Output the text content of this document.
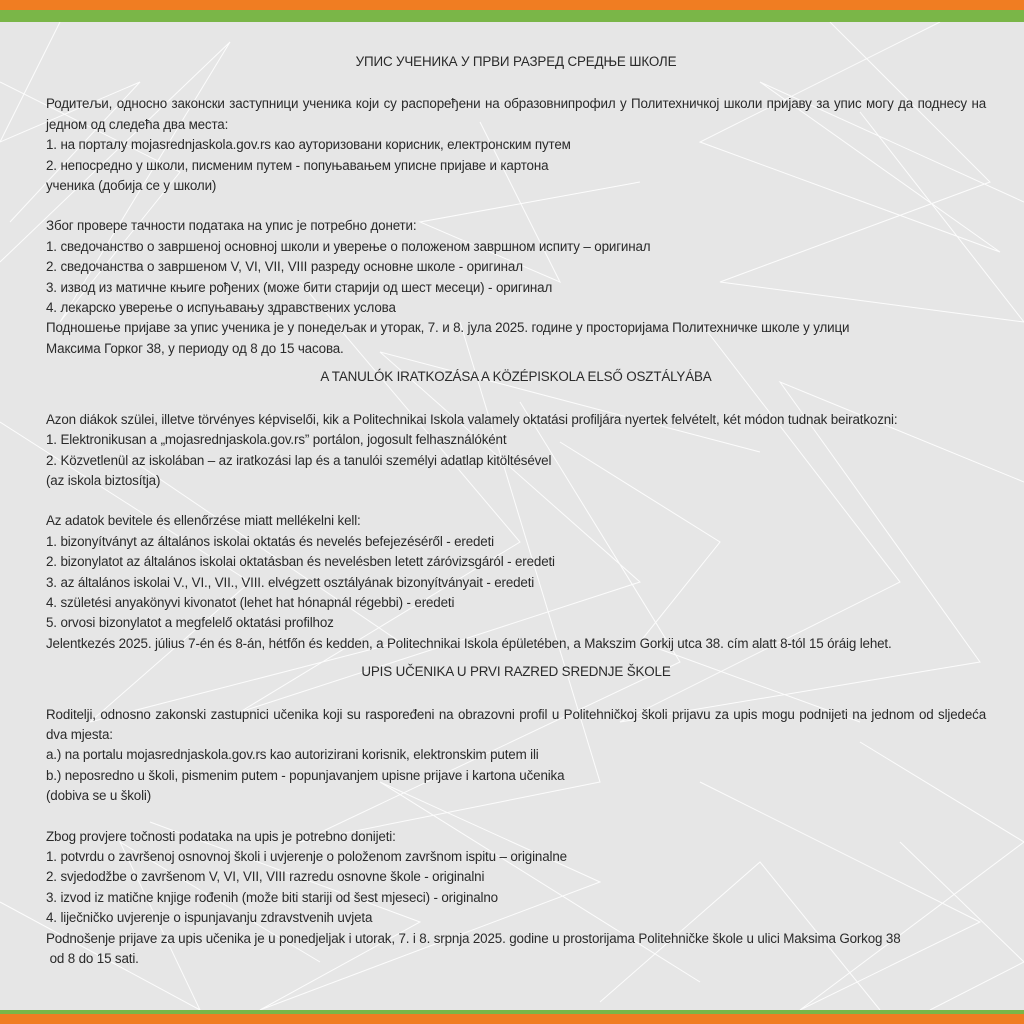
УПИС УЧЕНИКА У ПРВИ РАЗРЕД СРЕДЊЕ ШКОЛЕ

Родитељи, односно законски заступници ученика који су распоређени на образовнипрофил у Политехничкој школи пријаву за упис могу да поднесу на једном од следећа два места:

1. на порталу mojasrednjaskola.gov.rs као ауторизовани корисник, електронским путем
2. непосредно у школи, писменим путем - попуњавањем уписне пријаве и картона
ученика (добија се у школи)
Због провере тачности података на упис је потребно донети:
1. сведочанство о завршеној основној школи и уверење о положеном завршном испиту – оригинал
2. сведочанства о завршеном V, VI, VII, VIII разреду основне школе - оригинал
3. извод из матичне књиге рођених (може бити старији од шест месеци) - оригинал
4. лекарско уверење о испуњавању здравствених услова
Подношење пријаве за упис ученика је у понедељак и уторак, 7. и 8. јула 2025. године у просторијама Политехничке школе у улици
Максима Горког 38, у периоду од 8 до 15 часова.
A TANULÓK IRATKOZÁSA A KÖZÉPISKOLA ELSŐ OSZTÁLYÁBA
Azon diákok szülei, illetve törvényes képviselői, kik a Politechnikai Iskola valamely oktatási profiljára nyertek felvételt, két módon tudnak beiratkozni:
1. Elektronikusan a „mojasrednjaskola.gov.rs” portálon, jogosult felhasználóként
2. Közvetlenül az iskolában – az iratkozási lap és a tanulói személyi adatlap kitöltésével
(az iskola biztosítja)
Az adatok bevitele és ellenőrzése miatt mellékelni kell:
1. bizonyítványt az általános iskolai oktatás és nevelés befejezéséről - eredeti
2. bizonylatot az általános iskolai oktatásban és nevelésben letett záróvizsgáról - eredeti
3. az általános iskolai V., VI., VII., VIII. elvégzett osztályának bizonyítványait - eredeti
4. születési anyakönyvi kivonatot (lehet hat hónapnál régebbi) - eredeti
5. orvosi bizonylatot a megfelelő oktatási profilhoz
Jelentkezés 2025. július 7-én és 8-án, hétfőn és kedden, a Politechnikai Iskola épületében, a Makszim Gorkij utca 38. cím alatt 8-tól 15 óráig lehet.
UPIS UČENIKA U PRVI RAZRED SREDNJE ŠKOLE

Roditelji, odnosno zakonski zastupnici učenika koji su raspoređeni na obrazovni profil u Politehničkoj školi prijavu za upis mogu podnijeti na jednom od sljedeća dva mjesta:

a.) na portalu mojasrednjaskola.gov.rs kao autorizirani korisnik, elektronskim putem ili
b.) neposredno u školi, pismenim putem - popunjavanjem upisne prijave i kartona učenika
(dobiva se u školi)
Zbog provjere točnosti podataka na upis je potrebno donijeti:
1. potvrdu o završenoj osnovnoj školi i uvjerenje o položenom završnom ispitu – originalne
2. svjedodžbe o završenom V, VI, VII, VIII razredu osnovne škole - originalni
3. izvod iz matične knjige rođenih (može biti stariji od šest mjeseci) - originalno
4. liječničko uvjerenje o ispunjavanju zdravstvenih uvjeta
Podnošenje prijave za upis učenika je u ponedjeljak i utorak, 7. i 8. srpnja 2025. godine u prostorijama Politehničke škole u ulici Maksima Gorkog 38
od 8 do 15 sati.
